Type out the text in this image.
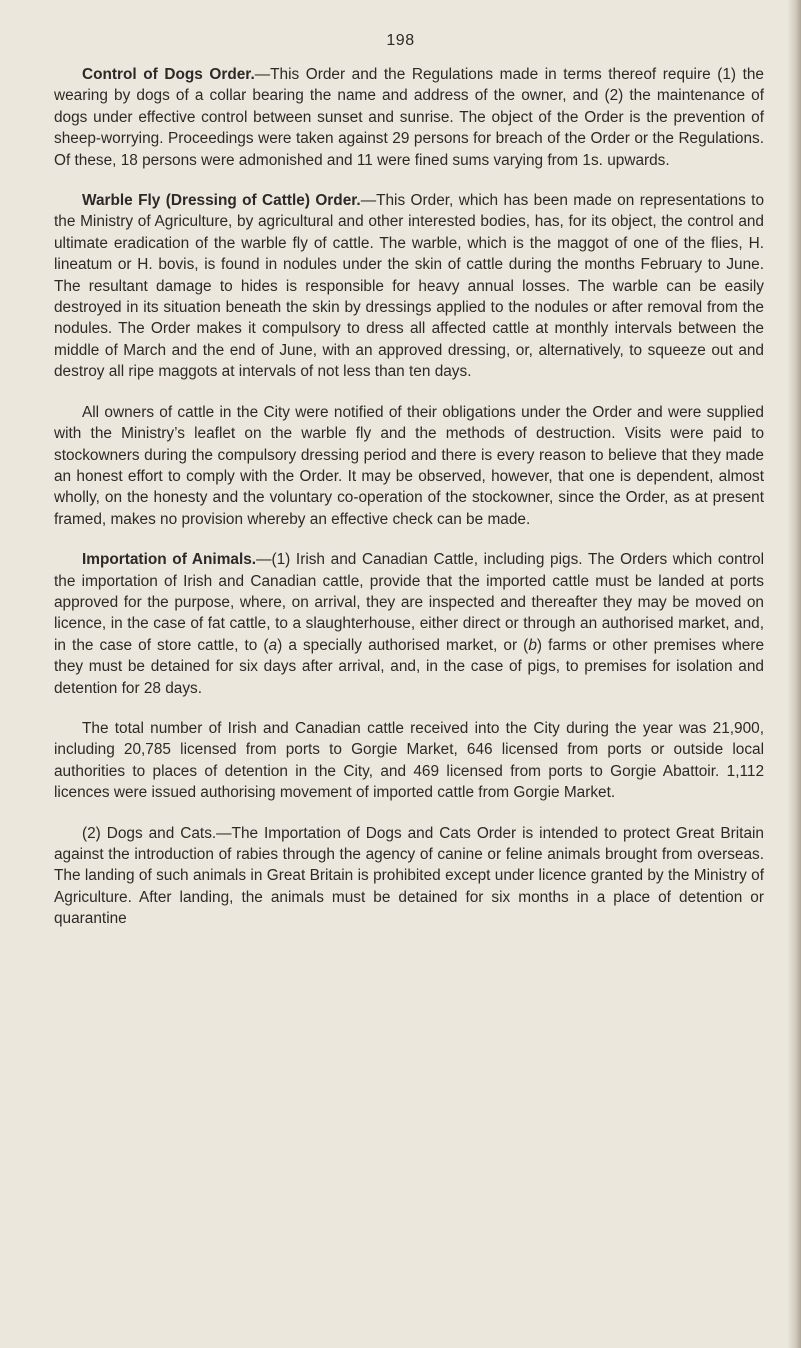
198

Control of Dogs Order.—This Order and the Regulations made in terms thereof require (1) the wearing by dogs of a collar bearing the name and address of the owner, and (2) the maintenance of dogs under effective control between sunset and sunrise. The object of the Order is the prevention of sheep-worrying. Proceedings were taken against 29 persons for breach of the Order or the Regulations. Of these, 18 persons were admonished and 11 were fined sums varying from 1s. upwards.

Warble Fly (Dressing of Cattle) Order.—This Order, which has been made on representations to the Ministry of Agriculture, by agricultural and other interested bodies, has, for its object, the control and ultimate eradication of the warble fly of cattle. The warble, which is the maggot of one of the flies, H. lineatum or H. bovis, is found in nodules under the skin of cattle during the months February to June. The resultant damage to hides is responsible for heavy annual losses. The warble can be easily destroyed in its situation beneath the skin by dressings applied to the nodules or after removal from the nodules. The Order makes it compulsory to dress all affected cattle at monthly intervals between the middle of March and the end of June, with an approved dressing, or, alternatively, to squeeze out and destroy all ripe maggots at intervals of not less than ten days.

All owners of cattle in the City were notified of their obligations under the Order and were supplied with the Ministry’s leaflet on the warble fly and the methods of destruction. Visits were paid to stockowners during the compulsory dressing period and there is every reason to believe that they made an honest effort to comply with the Order. It may be observed, however, that one is dependent, almost wholly, on the honesty and the voluntary co-operation of the stockowner, since the Order, as at present framed, makes no provision whereby an effective check can be made.

Importation of Animals.—(1) Irish and Canadian Cattle, including pigs. The Orders which control the importation of Irish and Canadian cattle, provide that the imported cattle must be landed at ports approved for the purpose, where, on arrival, they are inspected and thereafter they may be moved on licence, in the case of fat cattle, to a slaughterhouse, either direct or through an authorised market, and, in the case of store cattle, to (a) a specially authorised market, or (b) farms or other premises where they must be detained for six days after arrival, and, in the case of pigs, to premises for isolation and detention for 28 days.

The total number of Irish and Canadian cattle received into the City during the year was 21,900, including 20,785 licensed from ports to Gorgie Market, 646 licensed from ports or outside local authorities to places of detention in the City, and 469 licensed from ports to Gorgie Abattoir. 1,112 licences were issued authorising movement of imported cattle from Gorgie Market.

(2) Dogs and Cats.—The Importation of Dogs and Cats Order is intended to protect Great Britain against the introduction of rabies through the agency of canine or feline animals brought from overseas. The landing of such animals in Great Britain is prohibited except under licence granted by the Ministry of Agriculture. After landing, the animals must be detained for six months in a place of detention or quarantine
